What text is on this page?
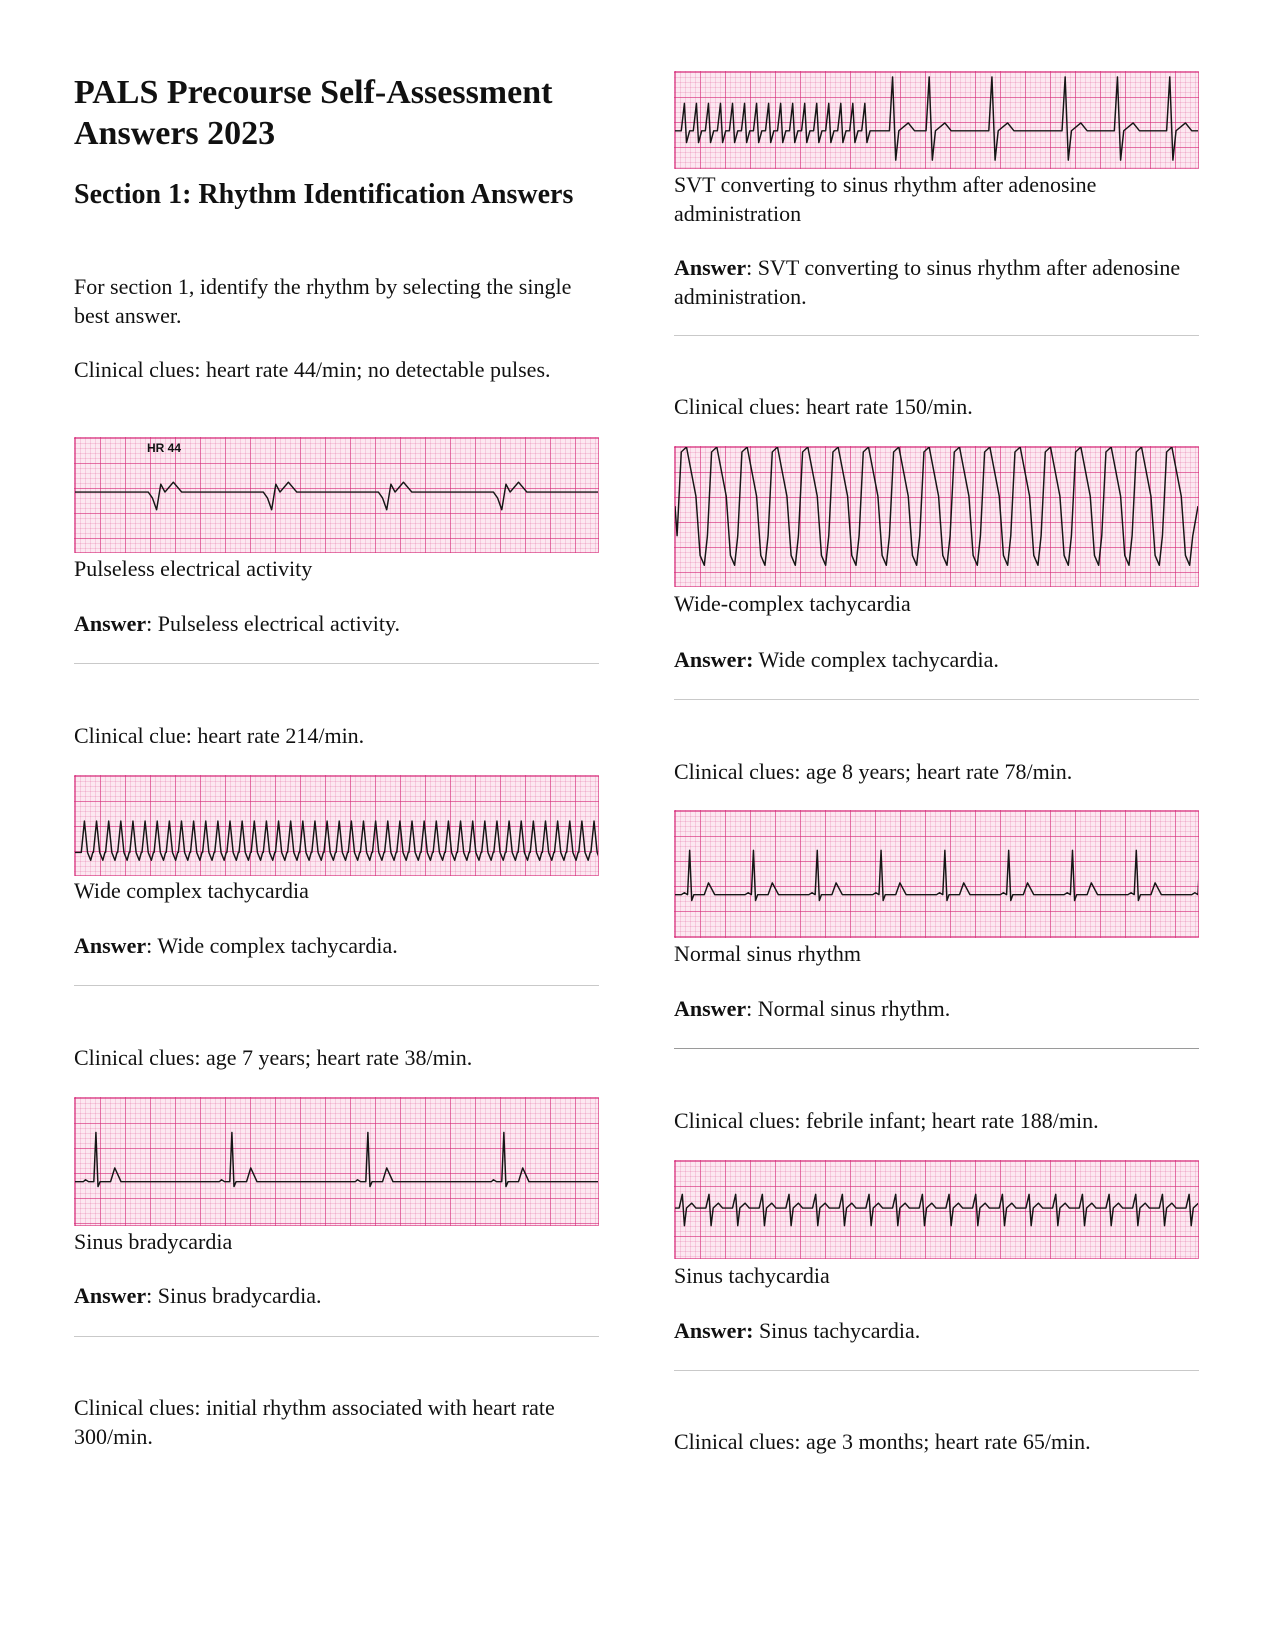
PALS Precourse Self-Assessment Answers 2023
Section 1: Rhythm Identification Answers

For section 1, identify the rhythm by selecting the single best answer.

Clinical clues: heart rate 44/min; no detectable pulses.

HR 44

Pulseless electrical activity

Answer: Pulseless electrical activity.

Clinical clue: heart rate 214/min.

Wide complex tachycardia

Answer: Wide complex tachycardia.

Clinical clues: age 7 years; heart rate 38/min.

Sinus bradycardia

Answer: Sinus bradycardia.

Clinical clues: initial rhythm associated with heart rate 300/min.

SVT converting to sinus rhythm after adenosine administration

Answer: SVT converting to sinus rhythm after adenosine administration.

Clinical clues: heart rate 150/min.

Wide-complex tachycardia

Answer: Wide complex tachycardia.

Clinical clues: age 8 years; heart rate 78/min.

Normal sinus rhythm

Answer: Normal sinus rhythm.

Clinical clues: febrile infant; heart rate 188/min.

Sinus tachycardia

Answer: Sinus tachycardia.

Clinical clues: age 3 months; heart rate 65/min.
